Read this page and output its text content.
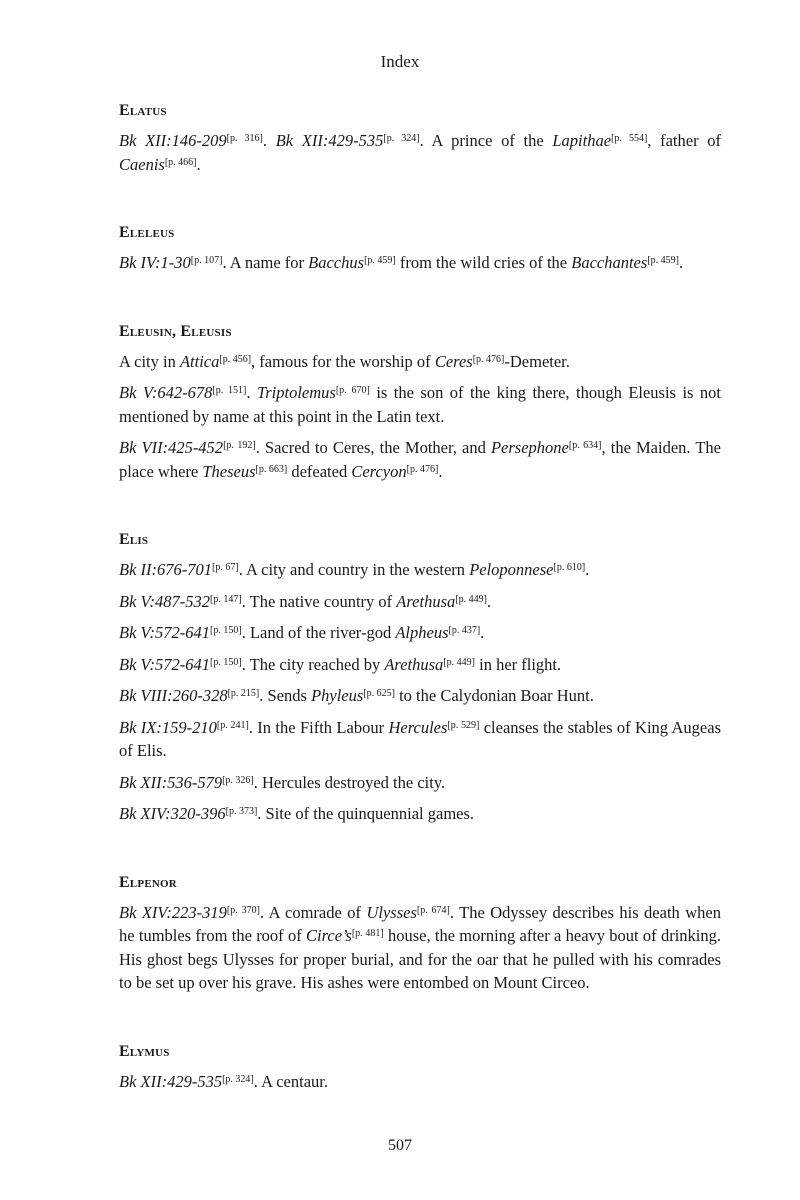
Index
Elatus

Bk XII:146-209[p. 316]. Bk XII:429-535[p. 324]. A prince of the Lapithae[p. 554], father of Caenis[p. 466].

Eleleus

Bk IV:1-30[p. 107]. A name for Bacchus[p. 459] from the wild cries of the Bacchantes[p. 459].

Eleusin, Eleusis

A city in Attica[p. 456], famous for the worship of Ceres[p. 476]-Demeter.

Bk V:642-678[p. 151]. Triptolemus[p. 670] is the son of the king there, though Eleusis is not mentioned by name at this point in the Latin text.

Bk VII:425-452[p. 192]. Sacred to Ceres, the Mother, and Persephone[p. 634], the Maiden. The place where Theseus[p. 663] defeated Cercyon[p. 476].

Elis

Bk II:676-701[p. 67]. A city and country in the western Peloponnese[p. 610].

Bk V:487-532[p. 147]. The native country of Arethusa[p. 449].

Bk V:572-641[p. 150]. Land of the river-god Alpheus[p. 437].

Bk V:572-641[p. 150]. The city reached by Arethusa[p. 449] in her flight.

Bk VIII:260-328[p. 215]. Sends Phyleus[p. 625] to the Calydonian Boar Hunt.

Bk IX:159-210[p. 241]. In the Fifth Labour Hercules[p. 529] cleanses the stables of King Augeas of Elis.

Bk XII:536-579[p. 326]. Hercules destroyed the city.

Bk XIV:320-396[p. 373]. Site of the quinquennial games.

Elpenor

Bk XIV:223-319[p. 370]. A comrade of Ulysses[p. 674]. The Odyssey describes his death when he tumbles from the roof of Circe’s[p. 481] house, the morning after a heavy bout of drinking. His ghost begs Ulysses for proper burial, and for the oar that he pulled with his comrades to be set up over his grave. His ashes were entombed on Mount Circeo.

Elymus

Bk XII:429-535[p. 324]. A centaur.

507
